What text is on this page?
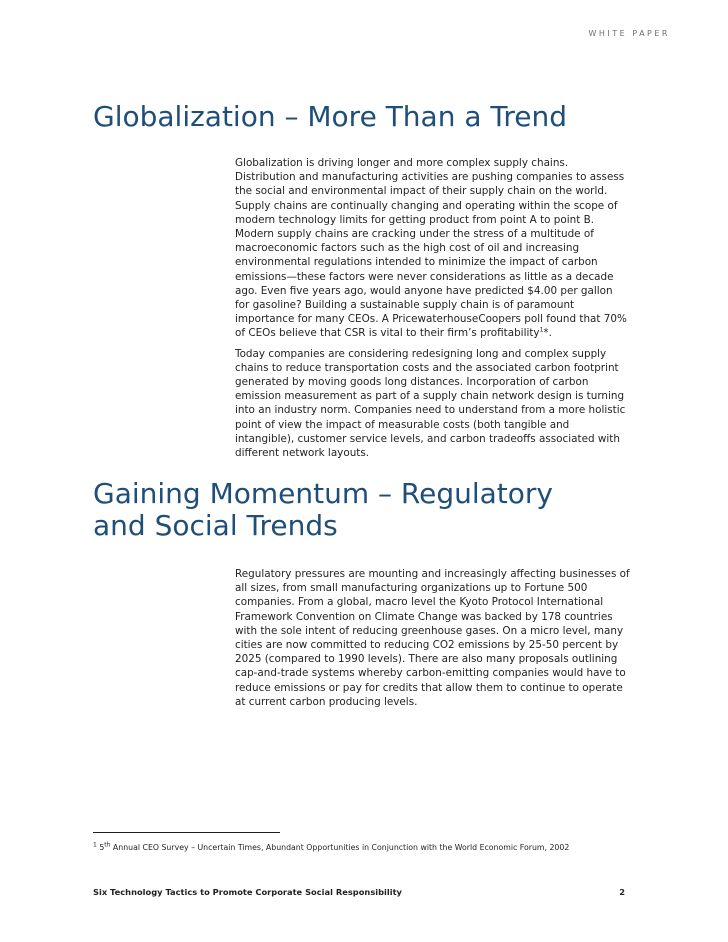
WHITE PAPER
Globalization – More Than a Trend

Globalization is driving longer and more complex supply chains. Distribution and manufacturing activities are pushing companies to assess the social and environmental impact of their supply chain on the world. Supply chains are continually changing and operating within the scope of modern technology limits for getting product from point A to point B. Modern supply chains are cracking under the stress of a multitude of macroeconomic factors such as the high cost of oil and increasing environmental regulations intended to minimize the impact of carbon emissions—these factors were never considerations as little as a decade ago. Even five years ago, would anyone have predicted $4.00 per gallon for gasoline? Building a sustainable supply chain is of paramount importance for many CEOs. A PricewaterhouseCoopers poll found that 70% of CEOs believe that CSR is vital to their firm’s profitability$^1$*.

Today companies are considering redesigning long and complex supply chains to reduce transportation costs and the associated carbon footprint generated by moving goods long distances. Incorporation of carbon emission measurement as part of a supply chain network design is turning into an industry norm. Companies need to understand from a more holistic point of view the impact of measurable costs (both tangible and intangible), customer service levels, and carbon tradeoffs associated with different network layouts.

Gaining Momentum – Regulatory
and Social Trends

Regulatory pressures are mounting and increasingly affecting businesses of all sizes, from small manufacturing organizations up to Fortune 500 companies. From a global, macro level the Kyoto Protocol International Framework Convention on Climate Change was backed by 178 countries with the sole intent of reducing greenhouse gases. On a micro level, many cities are now committed to reducing CO2 emissions by 25-50 percent by 2025 (compared to 1990 levels). There are also many proposals outlining cap-and-trade systems whereby carbon-emitting companies would have to reduce emissions or pay for credits that allow them to continue to operate at current carbon producing levels.

$^1$ 5th Annual CEO Survey – Uncertain Times, Abundant Opportunities in Conjunction with the World Economic Forum, 2002
Six Technology Tactics to Promote Corporate Social Responsibility	2
